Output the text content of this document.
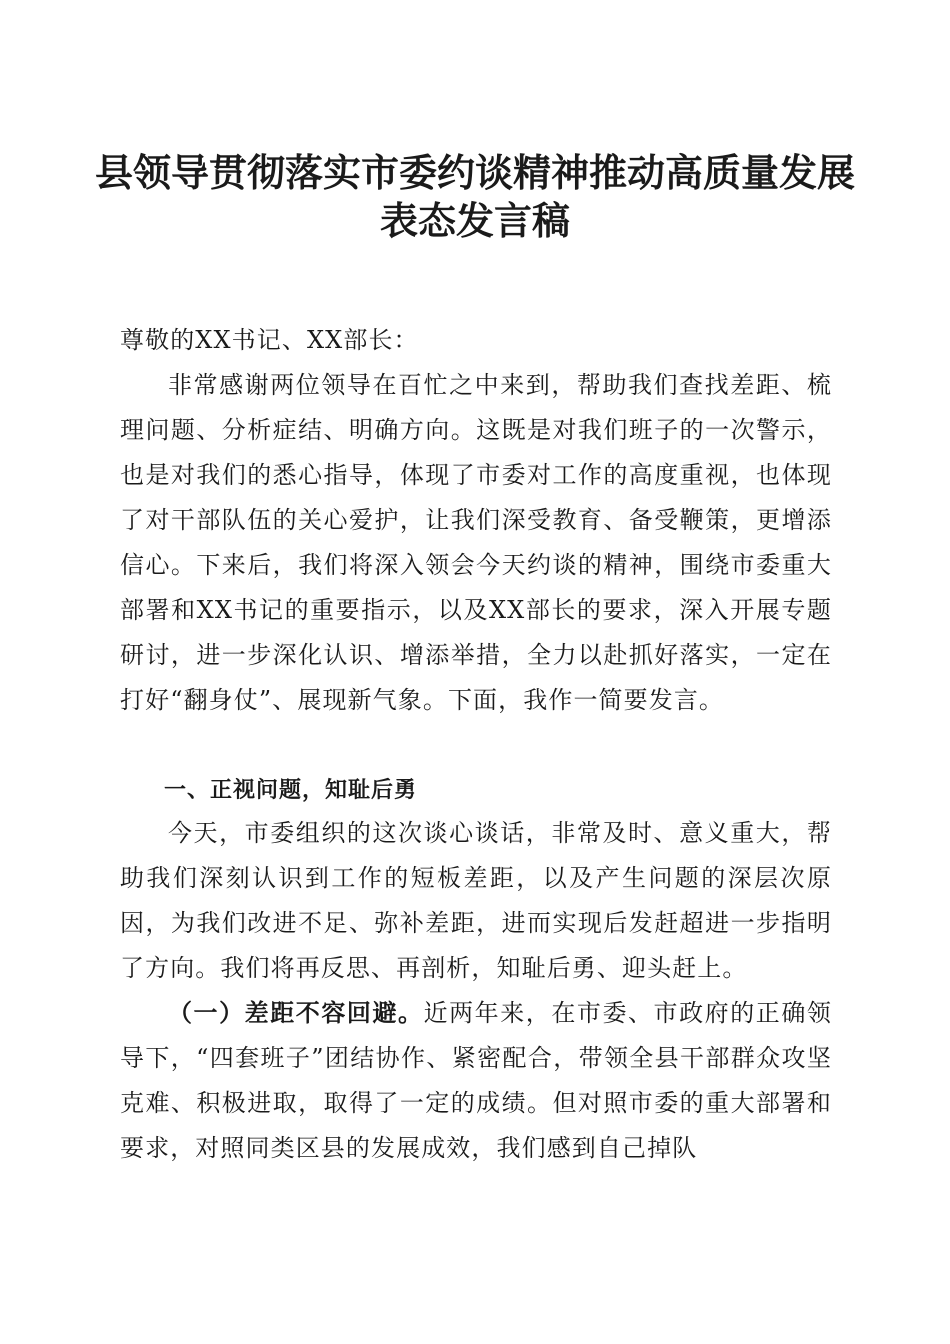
县领导贯彻落实市委约谈精神推动高质量发展
表态发言稿
尊敬的XX书记、XX部长：

非常感谢两位领导在百忙之中来到，帮助我们查找差距、梳理问题、分析症结、明确方向。这既是对我们班子的一次警示，也是对我们的悉心指导，体现了市委对工作的高度重视，也体现了对干部队伍的关心爱护，让我们深受教育、备受鞭策，更增添信心。下来后，我们将深入领会今天约谈的精神，围绕市委重大部署和XX书记的重要指示，以及XX部长的要求，深入开展专题研讨，进一步深化认识、增添举措，全力以赴抓好落实，一定在打好“翻身仗”、展现新气象。下面，我作一简要发言。

一、正视问题，知耻后勇

今天，市委组织的这次谈心谈话，非常及时、意义重大，帮助我们深刻认识到工作的短板差距，以及产生问题的深层次原因，为我们改进不足、弥补差距，进而实现后发赶超进一步指明了方向。我们将再反思、再剖析，知耻后勇、迎头赶上。

（一）差距不容回避。近两年来，在市委、市政府的正确领导下，“四套班子”团结协作、紧密配合，带领全县干部群众攻坚克难、积极进取，取得了一定的成绩。但对照市委的重大部署和要求，对照同类区县的发展成效，我们感到自己掉队
